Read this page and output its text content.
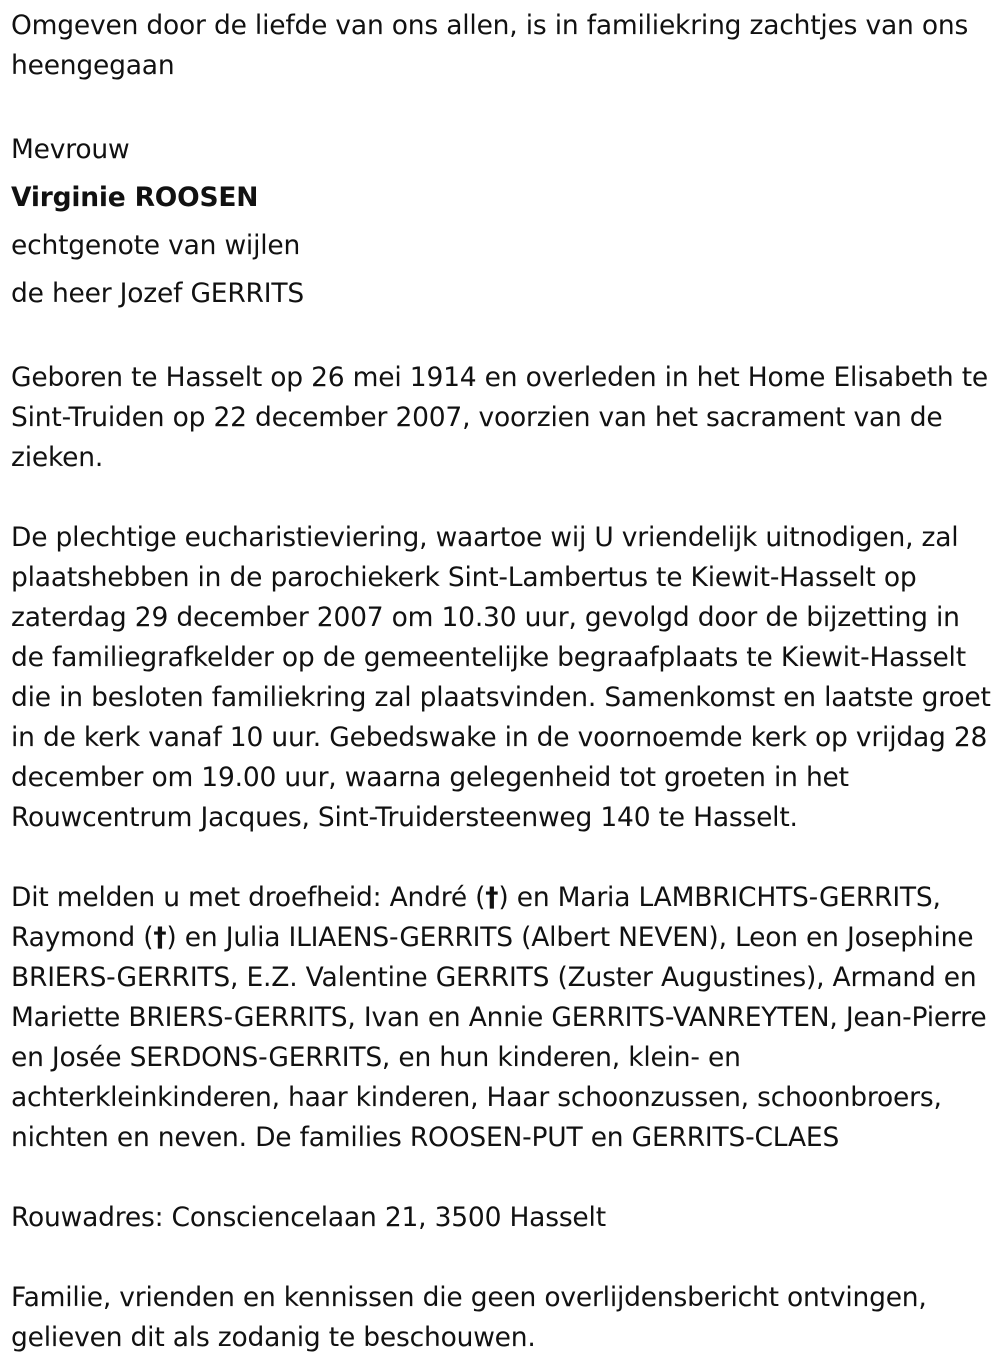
Omgeven door de liefde van ons allen, is in familiekring zachtjes van ons heengegaan

Mevrouw

Virginie ROOSEN

echtgenote van wijlen

de heer Jozef GERRITS

Geboren te Hasselt op 26 mei 1914 en overleden in het Home Elisabeth te Sint-Truiden op 22 december 2007, voorzien van het sacrament van de zieken.

De plechtige eucharistieviering, waartoe wij U vriendelijk uitnodigen, zal plaatshebben in de parochiekerk Sint-Lambertus te Kiewit-Hasselt op zaterdag 29 december 2007 om 10.30 uur, gevolgd door de bijzetting in de familiegrafkelder op de gemeentelijke begraafplaats te Kiewit-Hasselt die in besloten familiekring zal plaatsvinden. Samenkomst en laatste groet in de kerk vanaf 10 uur. Gebedswake in de voornoemde kerk op vrijdag 28 december om 19.00 uur, waarna gelegenheid tot groeten in het Rouwcentrum Jacques, Sint-Truidersteenweg 140 te Hasselt.

Dit melden u met droefheid: André (†) en Maria LAMBRICHTS-GERRITS, Raymond (†) en Julia ILIAENS-GERRITS (Albert NEVEN), Leon en Josephine BRIERS-GERRITS, E.Z. Valentine GERRITS (Zuster Augustines), Armand en Mariette BRIERS-GERRITS, Ivan en Annie GERRITS-VANREYTEN, Jean-Pierre en Josée SERDONS-GERRITS, en hun kinderen, klein- en achterkleinkinderen, haar kinderen, Haar schoonzussen, schoonbroers, nichten en neven. De families ROOSEN-PUT en GERRITS-CLAES

Rouwadres: Consciencelaan 21, 3500 Hasselt

Familie, vrienden en kennissen die geen overlijdensbericht ontvingen, gelieven dit als zodanig te beschouwen.
